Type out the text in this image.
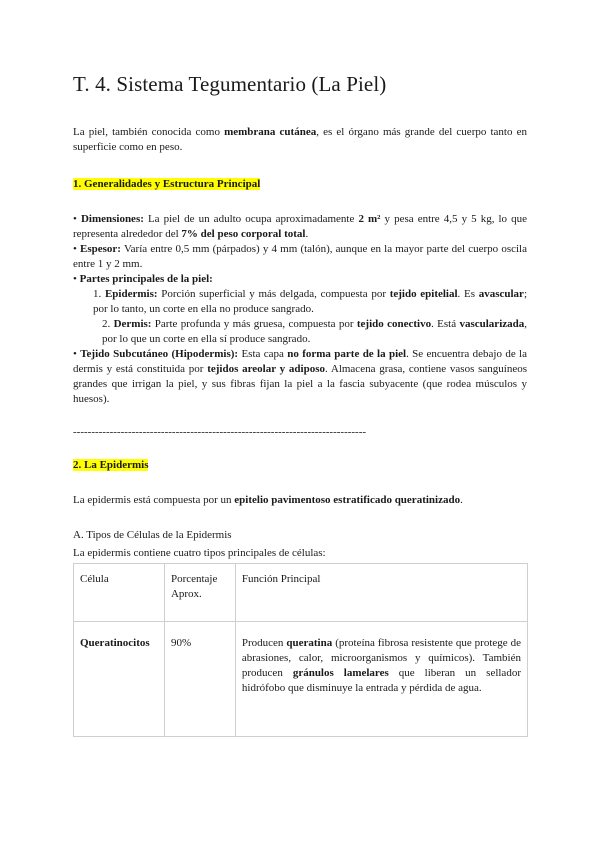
T. 4. Sistema Tegumentario (La Piel)

La piel, también conocida como membrana cutánea, es el órgano más grande del cuerpo tanto en superficie como en peso.

1. Generalidades y Estructura Principal

• Dimensiones: La piel de un adulto ocupa aproximadamente 2 m² y pesa entre 4,5 y 5 kg, lo que representa alrededor del 7% del peso corporal total.

• Espesor: Varía entre 0,5 mm (párpados) y 4 mm (talón), aunque en la mayor parte del cuerpo oscila entre 1 y 2 mm.

• Partes principales de la piel:

1. Epidermis: Porción superficial y más delgada, compuesta por tejido epitelial. Es avascular; por lo tanto, un corte en ella no produce sangrado.

2. Dermis: Parte profunda y más gruesa, compuesta por tejido conectivo. Está vascularizada, por lo que un corte en ella sí produce sangrado.

• Tejido Subcutáneo (Hipodermis): Esta capa no forma parte de la piel. Se encuentra debajo de la dermis y está constituida por tejidos areolar y adiposo. Almacena grasa, contiene vasos sanguíneos grandes que irrigan la piel, y sus fibras fijan la piel a la fascia subyacente (que rodea músculos y huesos).

--------------------------------------------------------------------------------

2. La Epidermis

La epidermis está compuesta por un epitelio pavimentoso estratificado queratinizado.

A. Tipos de Células de la Epidermis

La epidermis contiene cuatro tipos principales de células:

Célula	Porcentaje Aprox.	Función Principal
Queratinocitos	90%	Producen queratina (proteína fibrosa resistente que protege de abrasiones, calor, microorganismos y químicos). También producen gránulos lamelares que liberan un sellador hidrófobo que disminuye la entrada y pérdida de agua.
